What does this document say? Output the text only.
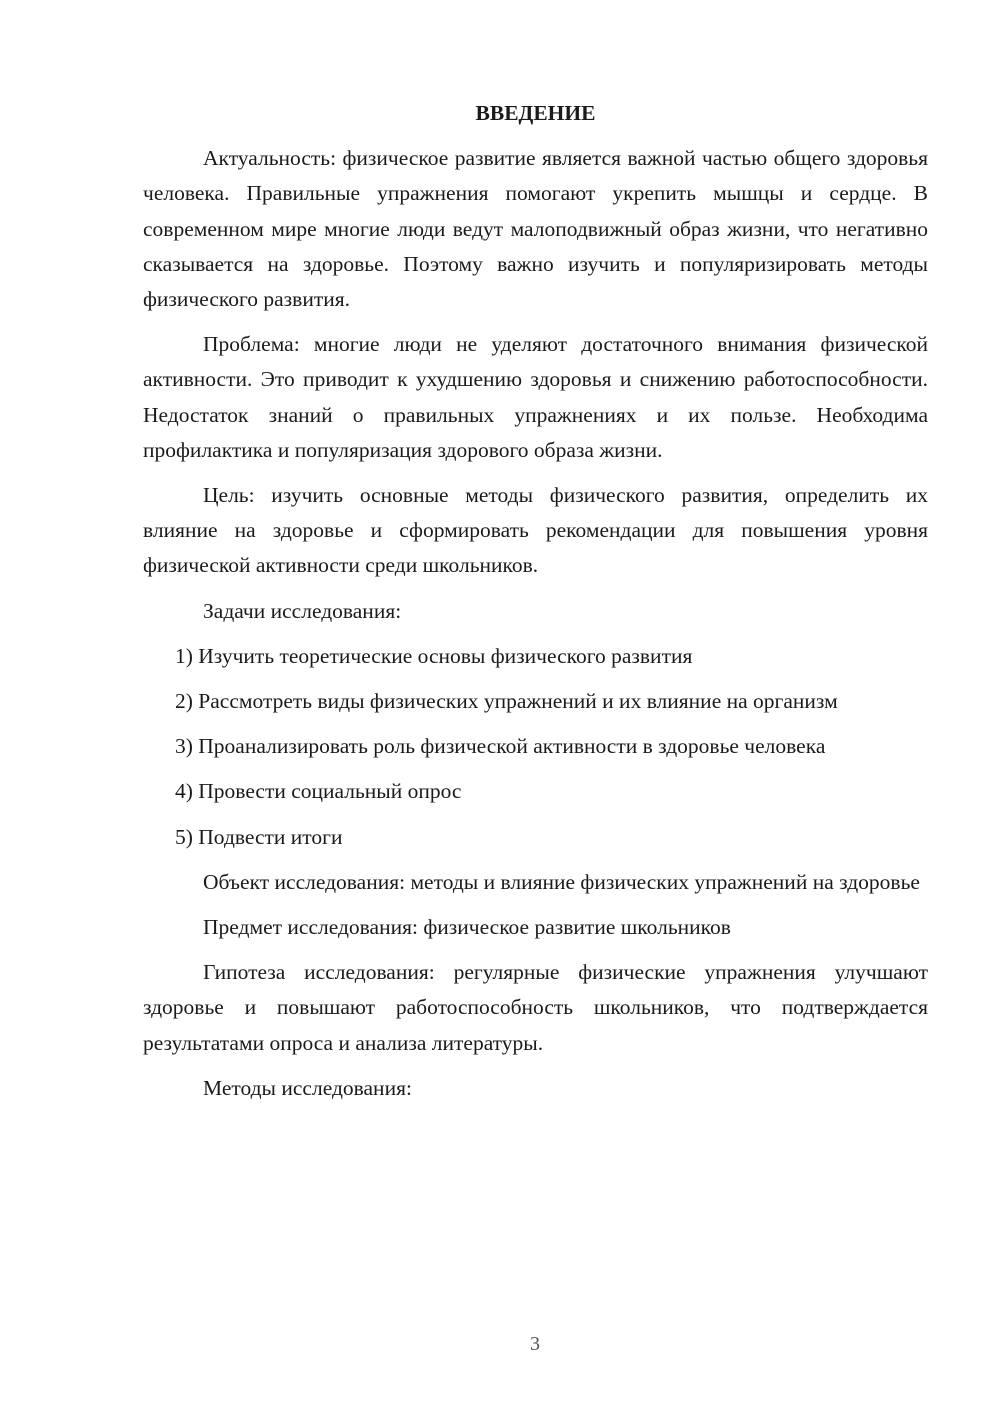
ВВЕДЕНИЕ
Актуальность: физическое развитие является важной частью общего здоровья человека. Правильные упражнения помогают укрепить мышцы и сердце. В современном мире многие люди ведут малоподвижный образ жизни, что негативно сказывается на здоровье. Поэтому важно изучить и популяризировать методы физического развития.
Проблема: многие люди не уделяют достаточного внимания физической активности. Это приводит к ухудшению здоровья и снижению работоспособности. Недостаток знаний о правильных упражнениях и их пользе. Необходима профилактика и популяризация здорового образа жизни.
Цель: изучить основные методы физического развития, определить их влияние на здоровье и сформировать рекомендации для повышения уровня физической активности среди школьников.
Задачи исследования:
1) Изучить теоретические основы физического развития
2) Рассмотреть виды физических упражнений и их влияние на организм
3) Проанализировать роль физической активности в здоровье человека
4) Провести социальный опрос
5) Подвести итоги
Объект исследования: методы и влияние физических упражнений на здоровье
Предмет исследования: физическое развитие школьников
Гипотеза исследования: регулярные физические упражнения улучшают здоровье и повышают работоспособность школьников, что подтверждается результатами опроса и анализа литературы.
Методы исследования:
3
